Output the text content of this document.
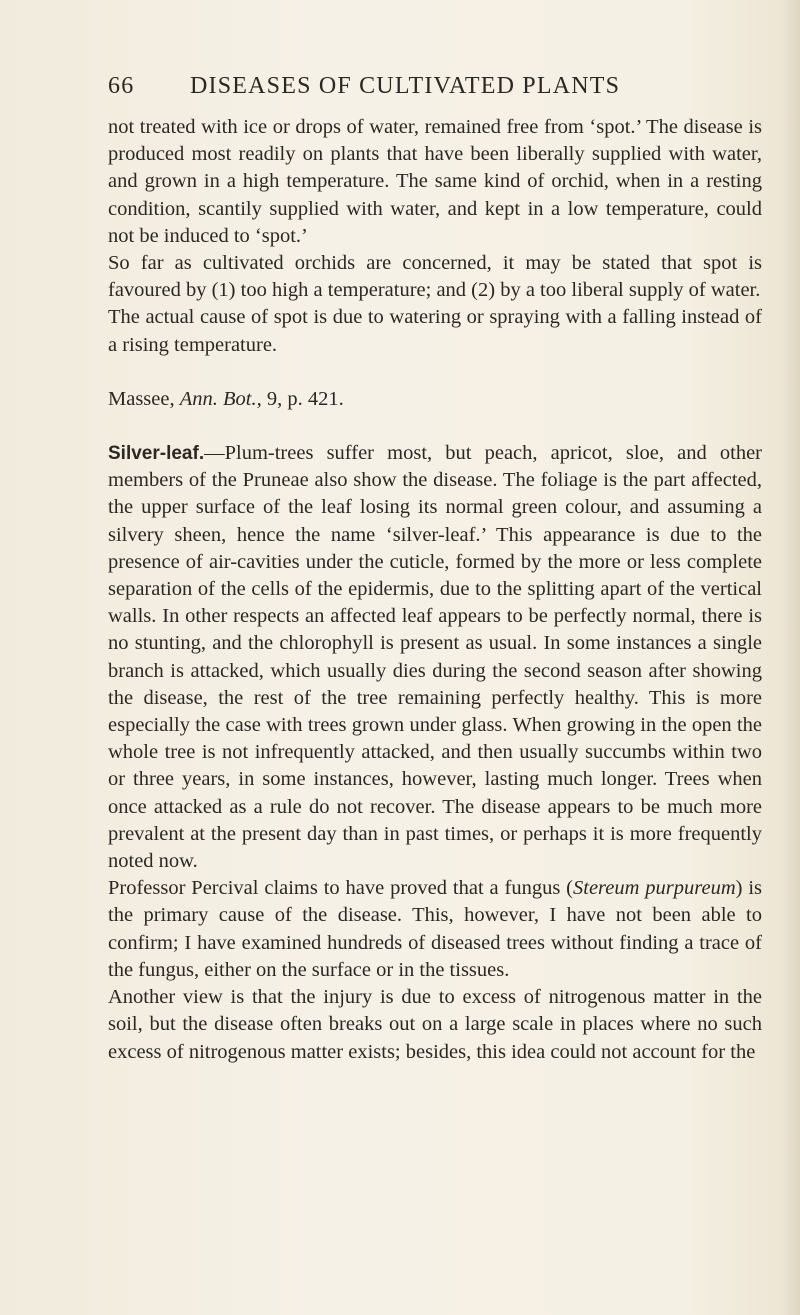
66 DISEASES OF CULTIVATED PLANTS

not treated with ice or drops of water, remained free from ‘spot.’ The disease is produced most readily on plants that have been liberally supplied with water, and grown in a high temperature. The same kind of orchid, when in a resting condition, scantily supplied with water, and kept in a low temperature, could not be induced to ‘spot.’

So far as cultivated orchids are concerned, it may be stated that spot is favoured by (1) too high a temperature; and (2) by a too liberal supply of water.

The actual cause of spot is due to watering or spraying with a falling instead of a rising temperature.

Massee, Ann. Bot., 9, p. 421.

Silver-leaf.—Plum-trees suffer most, but peach, apricot, sloe, and other members of the Pruneae also show the disease. The foliage is the part affected, the upper surface of the leaf losing its normal green colour, and assuming a silvery sheen, hence the name ‘silver-leaf.’ This appearance is due to the presence of air-cavities under the cuticle, formed by the more or less complete separation of the cells of the epidermis, due to the splitting apart of the vertical walls. In other respects an affected leaf appears to be perfectly normal, there is no stunting, and the chlorophyll is present as usual. In some instances a single branch is attacked, which usually dies during the second season after showing the disease, the rest of the tree remaining perfectly healthy. This is more especially the case with trees grown under glass. When growing in the open the whole tree is not infrequently attacked, and then usually succumbs within two or three years, in some instances, however, lasting much longer. Trees when once attacked as a rule do not recover. The disease appears to be much more prevalent at the present day than in past times, or perhaps it is more frequently noted now.

Professor Percival claims to have proved that a fungus (Stereum purpureum) is the primary cause of the disease. This, however, I have not been able to confirm; I have examined hundreds of diseased trees without finding a trace of the fungus, either on the surface or in the tissues.

Another view is that the injury is due to excess of nitrogenous matter in the soil, but the disease often breaks out on a large scale in places where no such excess of nitrogenous matter exists; besides, this idea could not account for the
